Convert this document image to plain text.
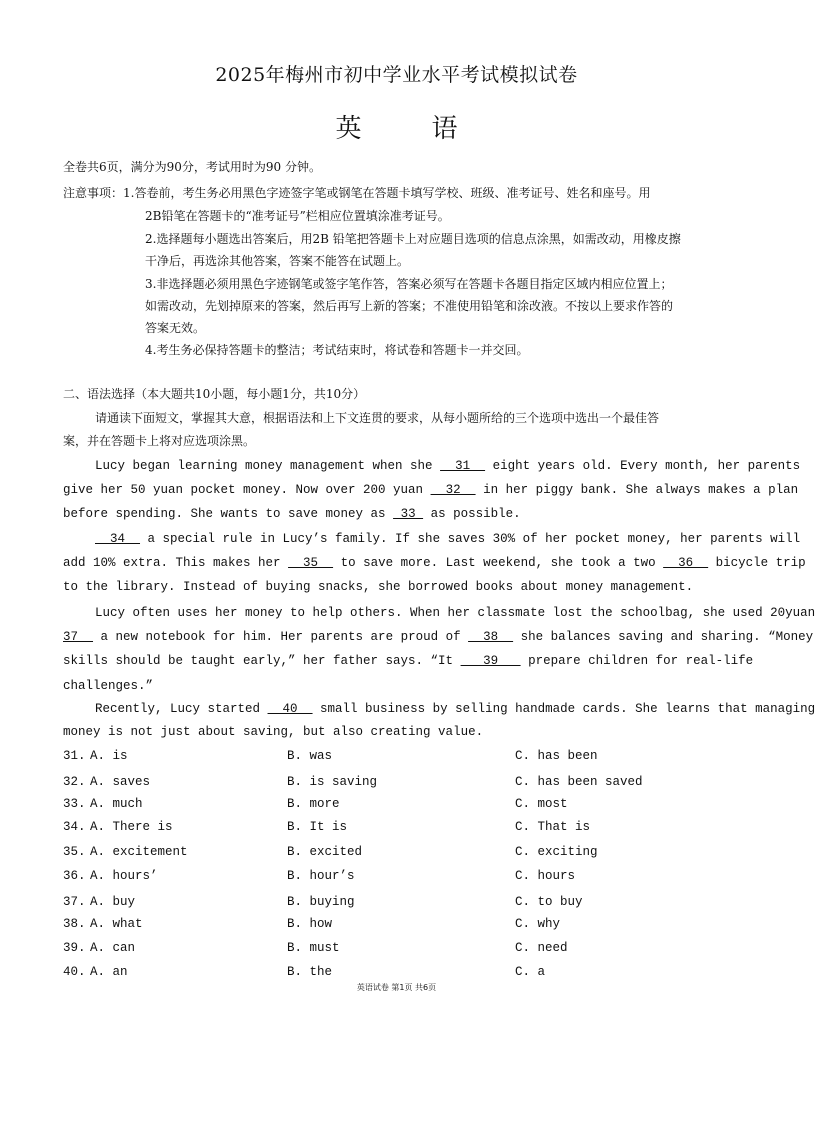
2025年梅州市初中学业水平考试模拟试卷
英	语
全卷共6页，满分为90分，考试用时为90 分钟。
注意事项：1.答卷前，考生务必用黑色字迹签字笔或钢笔在答题卡填写学校、班级、准考证号、姓名和座号。用
2B铅笔在答题卡的“准考证号”栏相应位置填涂准考证号。
2.选择题每小题选出答案后，用2B 铅笔把答题卡上对应题目选项的信息点涂黑，如需改动，用橡皮擦
干净后，再选涂其他答案，答案不能答在试题上。
3.非选择题必须用黑色字迹钢笔或签字笔作答，答案必须写在答题卡各题目指定区域内相应位置上；
如需改动，先划掉原来的答案，然后再写上新的答案；不准使用铅笔和涂改液。不按以上要求作答的
答案无效。
4.考生务必保持答题卡的整洁；考试结束时，将试卷和答题卡一并交回。
二、语法选择（本大题共10小题，每小题1分，共10分）
请通读下面短文，掌握其大意，根据语法和上下文连贯的要求，从每小题所给的三个选项中选出一个最佳答
案，并在答题卡上将对应选项涂黑。
Lucy began learning money management when she   31   eight years old. Every month, her parents
give her 50 yuan pocket money. Now over 200 yuan   32   in her piggy bank. She always makes a plan
before spending. She wants to save money as  33  as possible.
34   a special rule in Lucy’s family. If she saves 30% of her pocket money, her parents will
add 10% extra. This makes her   35   to save more. Last weekend, she took a two   36   bicycle trip
to the library. Instead of buying snacks, she borrowed books about money management.
Lucy often uses her money to help others. When her classmate lost the schoolbag, she used 20yuan
37   a new notebook for him. Her parents are proud of   38   she balances saving and sharing. “Money
skills should be taught early,” her father says. “It    39    prepare children for real-life
challenges.”
Recently, Lucy started   40   small business by selling handmade cards. She learns that managing
money is not just about saving, but also creating value.
31. A. is	B. was	C. has been
32. A. saves	B. is saving	C. has been saved
33. A. much	B. more	C. most
34. A. There is	B. It is	C. That is
35. A. excitement	B. excited	C. exciting
36. A. hours’	B. hour’s	C. hours
37. A. buy	B. buying	C. to buy
38. A. what	B. how	C. why
39. A. can	B. must	C. need
40. A. an	B. the	C. a
英语试卷 第1页 共6页
